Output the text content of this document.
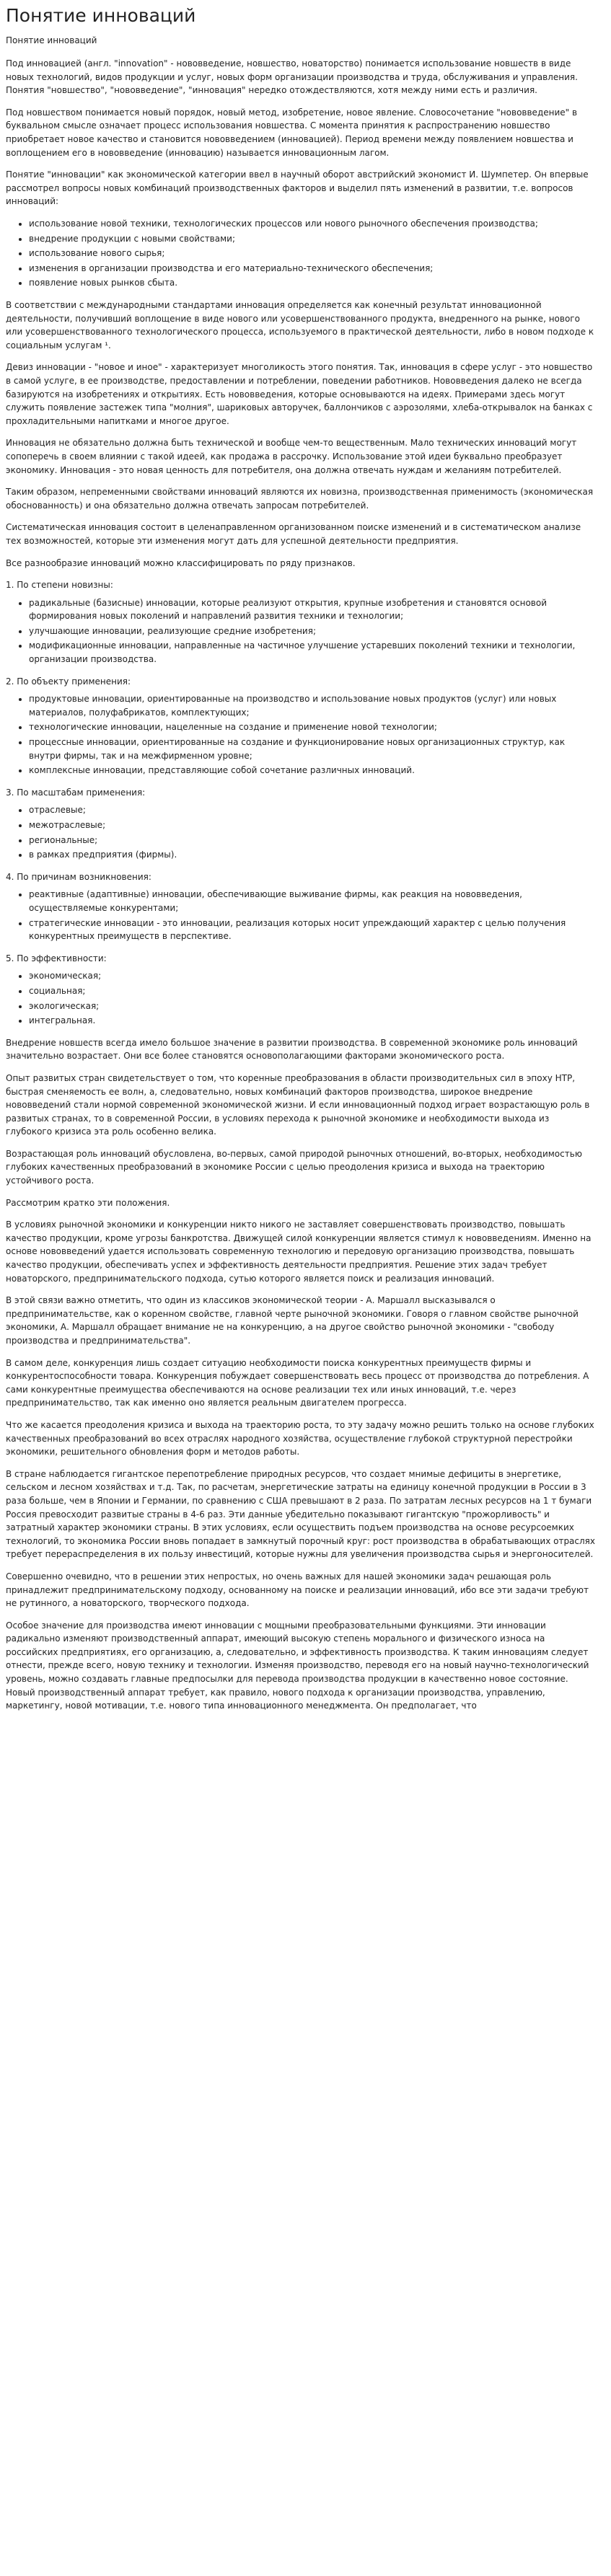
Понятие инноваций

Понятие инноваций

Под инновацией (англ. "innovation" - нововведение, новшество, новаторство) понимается использование новшеств в виде новых технологий, видов продукции и услуг, новых форм организации производства и труда, обслуживания и управления. Понятия "новшество", "нововведение", "инновация" нередко отождествляются, хотя между ними есть и различия.

Под новшеством понимается новый порядок, новый метод, изобретение, новое явление. Словосочетание "нововведение" в буквальном смысле означает процесс использования новшества. С момента принятия к распространению новшество приобретает новое качество и становится нововведением (инновацией). Период времени между появлением новшества и воплощением его в нововведение (инновацию) называется инновационным лагом.

Понятие "инновации" как экономической категории ввел в научный оборот австрийский экономист И. Шумпетер. Он впервые рассмотрел вопросы новых комбинаций производственных факторов и выделил пять изменений в развитии, т.е. вопросов инноваций:

• использование новой техники, технологических процессов или нового рыночного обеспечения производства;
• внедрение продукции с новыми свойствами;
• использование нового сырья;
• изменения в организации производства и его материально-технического обеспечения;
• появление новых рынков сбыта.

В соответствии с международными стандартами инновация определяется как конечный результат инновационной деятельности, получивший воплощение в виде нового или усовершенствованного продукта, внедренного на рынке, нового или усовершенствованного технологического процесса, используемого в практической деятельности, либо в новом подходе к социальным услугам ¹.

Девиз инновации - "новое и иное" - характеризует многоликость этого понятия. Так, инновация в сфере услуг - это новшество в самой услуге, в ее производстве, предоставлении и потреблении, поведении работников. Нововведения далеко не всегда базируются на изобретениях и открытиях. Есть нововведения, которые основываются на идеях. Примерами здесь могут служить появление застежек типа "молния", шариковых авторучек, баллончиков с аэрозолями, хлеба-открывалок на банках с прохладительными напитками и многое другое.

Инновация не обязательно должна быть технической и вообще чем-то вещественным. Мало технических инноваций могут сопоперечь в своем влиянии с такой идеей, как продажа в рассрочку. Использование этой идеи буквально преобразует экономику. Инновация - это новая ценность для потребителя, она должна отвечать нуждам и желаниям потребителей.

Таким образом, непременными свойствами инноваций являются их новизна, производственная применимость (экономическая обоснованность) и она обязательно должна отвечать запросам потребителей.

Систематическая инновация состоит в целенаправленном организованном поиске изменений и в систематическом анализе тех возможностей, которые эти изменения могут дать для успешной деятельности предприятия.

Все разнообразие инноваций можно классифицировать по ряду признаков.

1. По степени новизны:

• радикальные (базисные) инновации, которые реализуют открытия, крупные изобретения и становятся основой формирования новых поколений и направлений развития техники и технологии;
• улучшающие инновации, реализующие средние изобретения;
• модификационные инновации, направленные на частичное улучшение устаревших поколений техники и технологии, организации производства.

2. По объекту применения:

• продуктовые инновации, ориентированные на производство и использование новых продуктов (услуг) или новых материалов, полуфабрикатов, комплектующих;
• технологические инновации, нацеленные на создание и применение новой технологии;
• процессные инновации, ориентированные на создание и функционирование новых организационных структур, как внутри фирмы, так и на межфирменном уровне;
• комплексные инновации, представляющие собой сочетание различных инноваций.

3. По масштабам применения:

• отраслевые;
• межотраслевые;
• региональные;
• в рамках предприятия (фирмы).

4. По причинам возникновения:

• реактивные (адаптивные) инновации, обеспечивающие выживание фирмы, как реакция на нововведения, осуществляемые конкурентами;
• стратегические инновации - это инновации, реализация которых носит упреждающий характер с целью получения конкурентных преимуществ в перспективе.

5. По эффективности:

• экономическая;
• социальная;
• экологическая;
• интегральная.

Внедрение новшеств всегда имело большое значение в развитии производства. В современной экономике роль инноваций значительно возрастает. Они все более становятся основополагающими факторами экономического роста.

Опыт развитых стран свидетельствует о том, что коренные преобразования в области производительных сил в эпоху НТР, быстрая сменяемость ее волн, а, следовательно, новых комбинаций факторов производства, широкое внедрение нововведений стали нормой современной экономической жизни. И если инновационный подход играет возрастающую роль в развитых странах, то в современной России, в условиях перехода к рыночной экономике и необходимости выхода из глубокого кризиса эта роль особенно велика.

Возрастающая роль инноваций обусловлена, во-первых, самой природой рыночных отношений, во-вторых, необходимостью глубоких качественных преобразований в экономике России с целью преодоления кризиса и выхода на траекторию устойчивого роста.

Рассмотрим кратко эти положения.

В условиях рыночной экономики и конкуренции никто никого не заставляет совершенствовать производство, повышать качество продукции, кроме угрозы банкротства. Движущей силой конкуренции является стимул к нововведениям. Именно на основе нововведений удается использовать современную технологию и передовую организацию производства, повышать качество продукции, обеспечивать успех и эффективность деятельности предприятия. Решение этих задач требует новаторского, предпринимательского подхода, сутью которого является поиск и реализация инноваций.

В этой связи важно отметить, что один из классиков экономической теории - А. Маршалл высказывался о предпринимательстве, как о коренном свойстве, главной черте рыночной экономики. Говоря о главном свойстве рыночной экономики, А. Маршалл обращает внимание не на конкуренцию, а на другое свойство рыночной экономики - "свободу производства и предпринимательства".

В самом деле, конкуренция лишь создает ситуацию необходимости поиска конкурентных преимуществ фирмы и конкурентоспособности товара. Конкуренция побуждает совершенствовать весь процесс от производства до потребления. А сами конкурентные преимущества обеспечиваются на основе реализации тех или иных инноваций, т.е. через предпринимательство, так как именно оно является реальным двигателем прогресса.

Что же касается преодоления кризиса и выхода на траекторию роста, то эту задачу можно решить только на основе глубоких качественных преобразований во всех отраслях народного хозяйства, осуществление глубокой структурной перестройки экономики, решительного обновления форм и методов работы.

В стране наблюдается гигантское перепотребление природных ресурсов, что создает мнимые дефициты в энергетике, сельском и лесном хозяйствах и т.д. Так, по расчетам, энергетические затраты на единицу конечной продукции в России в 3 раза больше, чем в Японии и Германии, по сравнению с США превышают в 2 раза. По затратам лесных ресурсов на 1 т бумаги Россия превосходит развитые страны в 4-6 раз. Эти данные убедительно показывают гигантскую "прожорливость" и затратный характер экономики страны. В этих условиях, если осуществить подъем производства на основе ресурсоемких технологий, то экономика России вновь попадает в замкнутый порочный круг: рост производства в обрабатывающих отраслях требует перераспределения в их пользу инвестиций, которые нужны для увеличения производства сырья и энергоносителей.

Совершенно очевидно, что в решении этих непростых, но очень важных для нашей экономики задач решающая роль принадлежит предпринимательскому подходу, основанному на поиске и реализации инноваций, ибо все эти задачи требуют не рутинного, а новаторского, творческого подхода.

Особое значение для производства имеют инновации с мощными преобразовательными функциями. Эти инновации радикально изменяют производственный аппарат, имеющий высокую степень морального и физического износа на российских предприятиях, его организацию, а, следовательно, и эффективность производства. К таким инновациям следует отнести, прежде всего, новую технику и технологии. Изменяя производство, переводя его на новый научно-технологический уровень, можно создавать главные предпосылки для перевода производства продукции в качественно новое состояние. Новый производственный аппарат требует, как правило, нового подхода к организации производства, управлению, маркетингу, новой мотивации, т.е. нового типа инновационного менеджмента. Он предполагает, что
